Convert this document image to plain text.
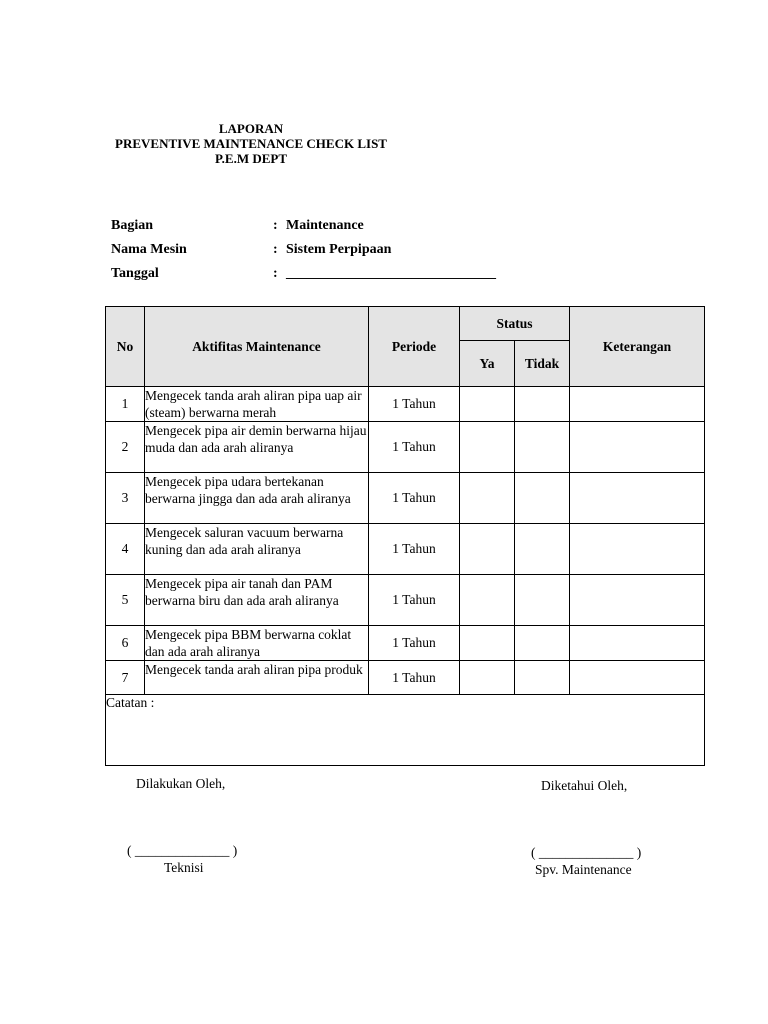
LAPORAN
PREVENTIVE MAINTENANCE CHECK LIST
P.E.M DEPT
Bagian	: Maintenance
Nama Mesin	: Sistem Perpipaan
Tanggal	: ______________________________
No	Aktifitas Maintenance	Periode	Status		Keterangan
			Ya	Tidak	
1	Mengecek tanda arah aliran pipa uap air (steam) berwarna merah	1 Tahun			
2	Mengecek pipa air demin berwarna hijau muda dan ada arah aliranya	1 Tahun			
3	Mengecek pipa udara bertekanan berwarna jingga dan ada arah aliranya	1 Tahun			
4	Mengecek saluran vacuum berwarna kuning dan ada arah aliranya	1 Tahun			
5	Mengecek pipa air tanah dan PAM berwarna biru dan ada arah aliranya	1 Tahun			
6	Mengecek pipa BBM berwarna coklat dan ada arah aliranya	1 Tahun			
7	Mengecek tanda arah aliran pipa produk	1 Tahun			
Catatan :					
Dilakukan Oleh,	Diketahui Oleh,
( ______________ )
Teknisi
( ______________ )
Spv. Maintenance
